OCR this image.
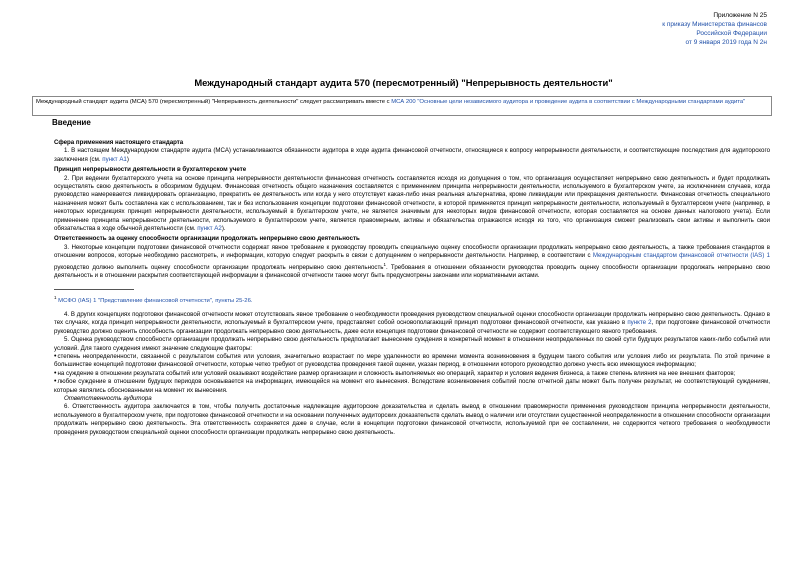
Приложение N 25
к приказу Министерства финансов
Российской Федерации
от 9 января 2019 года N 2н
Международный стандарт аудита 570 (пересмотренный) "Непрерывность деятельности"
Международный стандарт аудита (МСА) 570 (пересмотренный) "Непрерывность деятельности" следует рассматривать вместе с МСА 200 "Основные цели независимого аудитора и проведение аудита в соответствии с Международными стандартами аудита"
Введение

Сфера применения настоящего стандарта

1. В настоящем Международном стандарте аудита (МСА) устанавливаются обязанности аудитора в ходе аудита финансовой отчетности, относящиеся к вопросу непрерывности деятельности, и соответствующие последствия для аудиторского заключения (см. пункт А1)

Принцип непрерывности деятельности в бухгалтерском учете

2. При ведении бухгалтерского учета на основе принципа непрерывности деятельности финансовая отчетность составляется исходя из допущения о том, что организация осуществляет непрерывно свою деятельность и будет продолжать осуществлять свою деятельность в обозримом будущем. Финансовая отчетность общего назначения составляется с применением принципа непрерывности деятельности, используемого в бухгалтерском учете, за исключением случаев, когда руководство намеревается ликвидировать организацию, прекратить ее деятельность или когда у него отсутствует какая-либо иная реальная альтернатива, кроме ликвидации или прекращения деятельности. Финансовая отчетность специального назначения может быть составлена как с использованием, так и без использования концепции подготовки финансовой отчетности, в которой применяется принцип непрерывности деятельности, используемый в бухгалтерском учете (например, в некоторых юрисдикциях принцип непрерывности деятельности, используемый в бухгалтерском учете, не является значимым для некоторых видов финансовой отчетности, которая составляется на основе данных налогового учета). Если применение принципа непрерывности деятельности, используемого в бухгалтерском учете, является правомерным, активы и обязательства отражаются исходя из того, что организация сможет реализовать свои активы и выполнить свои обязательства в ходе обычной деятельности (см. пункт А2).

Ответственность за оценку способности организации продолжать непрерывно свою деятельность

3. Некоторые концепции подготовки финансовой отчетности содержат явное требование к руководству проводить специальную оценку способности организации продолжать непрерывно свою деятельность, а также требования стандартов в отношении вопросов, которые необходимо рассмотреть, и информации, которую следует раскрыть в связи с допущением о непрерывности деятельности. Например, в соответствии с Международным стандартом финансовой отчетности (IAS) 1 руководство должно выполнить оценку способности организации продолжать непрерывно свою деятельность$^1$. Требования в отношении обязанности руководства проводить оценку способности организации продолжать непрерывно свою деятельность и в отношении раскрытия соответствующей информации в финансовой отчетности также могут быть предусмотрены законами или нормативными актами.

$^1$ МСФО (IAS) 1 "Представление финансовой отчетности", пункты 25-26.

4. В других концепциях подготовки финансовой отчетности может отсутствовать явное требование о необходимости проведения руководством специальной оценки способности организации продолжать непрерывно свою деятельность. Однако в тех случаях, когда принцип непрерывности деятельности, используемый в бухгалтерском учете, представляет собой основополагающий принцип подготовки финансовой отчетности, как указано в пункте 2, при подготовке финансовой отчетности руководство должно оценить способность организации продолжать непрерывно свою деятельность, даже если концепция подготовки финансовой отчетности не содержит соответствующего явного требования.

5. Оценка руководством способности организации продолжать непрерывно свою деятельность предполагает вынесение суждения в конкретный момент в отношении неопределенных по своей сути будущих результатов каких-либо событий или условий. Для такого суждения имеют значение следующие факторы:

• степень неопределенности, связанной с результатом события или условия, значительно возрастает по мере удаленности во времени момента возникновения в будущем такого события или условия либо их результата. По этой причине в большинстве концепций подготовки финансовой отчетности, которые четко требуют от руководства проведения такой оценки, указан период, в отношении которого руководство должно учесть всю имеющуюся информацию;

• на суждение в отношении результата событий или условий оказывают воздействие размер организации и сложность выполняемых ею операций, характер и условия ведения бизнеса, а также степень влияния на нее внешних факторов;

• любое суждение в отношении будущих периодов основывается на информации, имеющейся на момент его вынесения. Вследствие возникновения событий после отчетной даты может быть получен результат, не соответствующий суждениям, которые являлись обоснованными на момент их вынесения.

Ответственность аудитора

6. Ответственность аудитора заключается в том, чтобы получить достаточные надлежащие аудиторские доказательства и сделать вывод в отношении правомерности применения руководством принципа непрерывности деятельности, используемого в бухгалтерском учете, при подготовке финансовой отчетности и на основании полученных аудиторских доказательств сделать вывод о наличии или отсутствии существенной неопределенности в отношении способности организации продолжать непрерывно свою деятельность. Эта ответственность сохраняется даже в случае, если в концепции подготовки финансовой отчетности, используемой при ее составлении, не содержится четкого требования о необходимости проведения руководством специальной оценки способности организации продолжать непрерывно свою деятельность.
